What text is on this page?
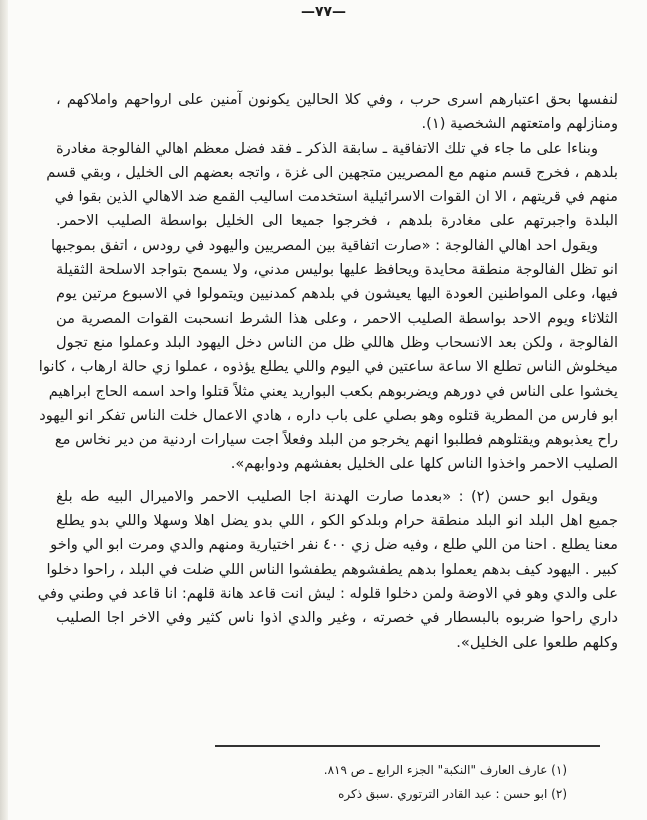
—٧٧—
لنفسها بحق اعتبارهم اسرى حرب ، وفي كلا الحالين يكونون آمنين على ارواحهم واملاكهم ،
ومنازلهم وامتعتهم الشخصية (١).
وبناءا على ما جاء في تلك الاتفاقية ـ سابقة الذكر ـ فقد فضل معظم اهالي الفالوجة مغادرة
بلدهم ، فخرج قسم منهم مع المصريين متجهين الى غزة ، واتجه بعضهم الى الخليل ، وبقي قسم
منهم في قريتهم ، الا ان القوات الاسرائيلية استخدمت اساليب القمع ضد الاهالي الذين بقوا في
البلدة واجبرتهم على مغادرة بلدهم ، فخرجوا جميعا الى الخليل بواسطة الصليب الاحمر.
ويقول احد اهالي الفالوجة : «صارت اتفاقية بين المصريين واليهود في رودس ، اتفق بموجبها
انو تظل الفالوجة منطقة محايدة ويحافظ عليها بوليس مدني، ولا يسمح بتواجد الاسلحة الثقيلة
فيها، وعلى المواطنين العودة اليها يعيشون في بلدهم كمدنيين ويتمولوا في الاسبوع مرتين يوم
الثلاثاء ويوم الاحد بواسطة الصليب الاحمر ، وعلى هذا الشرط انسحبت القوات المصرية من
الفالوجة ، ولكن بعد الانسحاب وظل هاللي ظل من الناس دخل اليهود البلد وعملوا منع تجول
ميخلوش الناس تطلع الا ساعة ساعتين في اليوم واللي يطلع يؤذوه ، عملوا زي حالة ارهاب ، كانوا
يخشوا على الناس في دورهم ويضربوهم بكعب البواريد يعني مثلاً قتلوا واحد اسمه الحاج ابراهيم
ابو فارس من المطرية قتلوه وهو بصلي على باب داره ، هادي الاعمال خلت الناس تفكر انو اليهود
راح يعذبوهم ويقتلوهم فطلبوا انهم يخرجو من البلد وفعلاً اجت سيارات اردنية من دير نخاس مع
الصليب الاحمر واخذوا الناس كلها على الخليل بعفشهم ودوابهم».
ويقول ابو حسن (٢) : «بعدما صارت الهدنة اجا الصليب الاحمر والاميرال البيه طه بلغ
جميع اهل البلد انو البلد منطقة حرام وبلدكو الكو ، اللي بدو يضل اهلا وسهلا واللي بدو يطلع
معنا يطلع . احنا من اللي طلع ، وفيه ضل زي ٤٠٠ نفر اختيارية ومنهم والدي ومرت ابو الي واخو
كبير . اليهود كيف بدهم يعملوا بدهم يطفشوهم يطفشوا الناس اللي ضلت في البلد ، راحوا دخلوا
على والدي وهو في الاوضة ولمن دخلوا قلوله : ليش انت قاعد هانة قلهم: انا قاعد في وطني وفي
داري راحوا ضربوه بالبسطار في خصرته ، وغير والدي اذوا ناس كثير وفي الاخر اجا الصليب
وكلهم طلعوا على الخليل».
(١) عارف العارف "النكبة" الجزء الرابع ـ ص ٨١٩.
(٢) ابو حسن : عبد القادر الترتوري .سبق ذكره
